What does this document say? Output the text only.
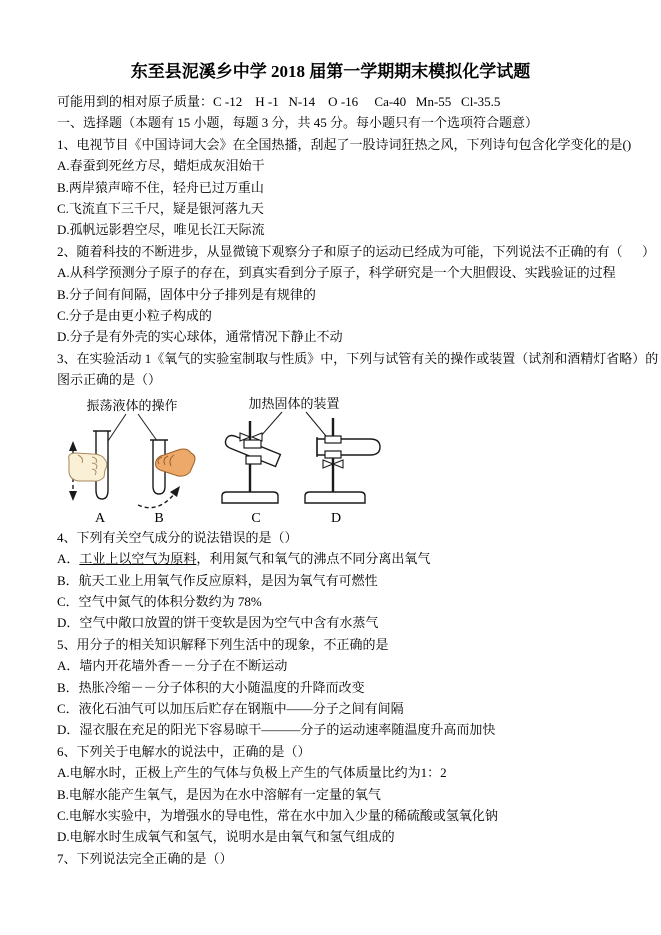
东至县泥溪乡中学 2018 届第一学期期末模拟化学试题

可能用到的相对原子质量：C -12    H -1   N-14    O -16     Ca-40   Mn-55   Cl-35.5

一、选择题（本题有 15 小题，每题 3 分，共 45 分。每小题只有一个选项符合题意）

1、电视节目《中国诗词大会》在全国热播，刮起了一股诗词狂热之风，下列诗句包含化学变化的是()

A.春蚕到死丝方尽，蜡炬成灰泪始干

B.两岸猿声啼不住，轻舟已过万重山

C.飞流直下三千尺，疑是银河落九天

D.孤帆远影碧空尽，唯见长江天际流

2、随着科技的不断进步，从显微镜下观察分子和原子的运动已经成为可能，下列说法不正确的有（      ）

A.从科学预测分子原子的存在，到真实看到分子原子，科学研究是一个大胆假设、实践验证的过程

B.分子间有间隔，固体中分子排列是有规律的

C.分子是由更小粒子构成的

D.分子是有外壳的实心球体，通常情况下静止不动

3、在实验活动 1《氧气的实验室制取与性质》中，下列与试管有关的操作或装置（试剂和酒精灯省略）的

图示正确的是（）

振荡液体的操作	加热固体的装置
A	B	C	D

4、下列有关空气成分的说法错误的是（）

A．工业上以空气为原料，利用氮气和氧气的沸点不同分离出氧气

B．航天工业上用氧气作反应原料，是因为氧气有可燃性

C．空气中氮气的体积分数约为 78%

D．空气中敞口放置的饼干变软是因为空气中含有水蒸气

5、用分子的相关知识解释下列生活中的现象，不正确的是

A．墙内开花墙外香－－分子在不断运动

B．热胀冷缩－－分子体积的大小随温度的升降而改变

C．液化石油气可以加压后贮存在钢瓶中——分子之间有间隔

D．湿衣服在充足的阳光下容易晾干———分子的运动速率随温度升高而加快

6、下列关于电解水的说法中，正确的是（）

A.电解水时，正极上产生的气体与负极上产生的气体质量比约为1：2

B.电解水能产生氧气，是因为在水中溶解有一定量的氧气

C.电解水实验中，为增强水的导电性，常在水中加入少量的稀硫酸或氢氧化钠

D.电解水时生成氧气和氢气，说明水是由氧气和氢气组成的

7、下列说法完全正确的是（）
